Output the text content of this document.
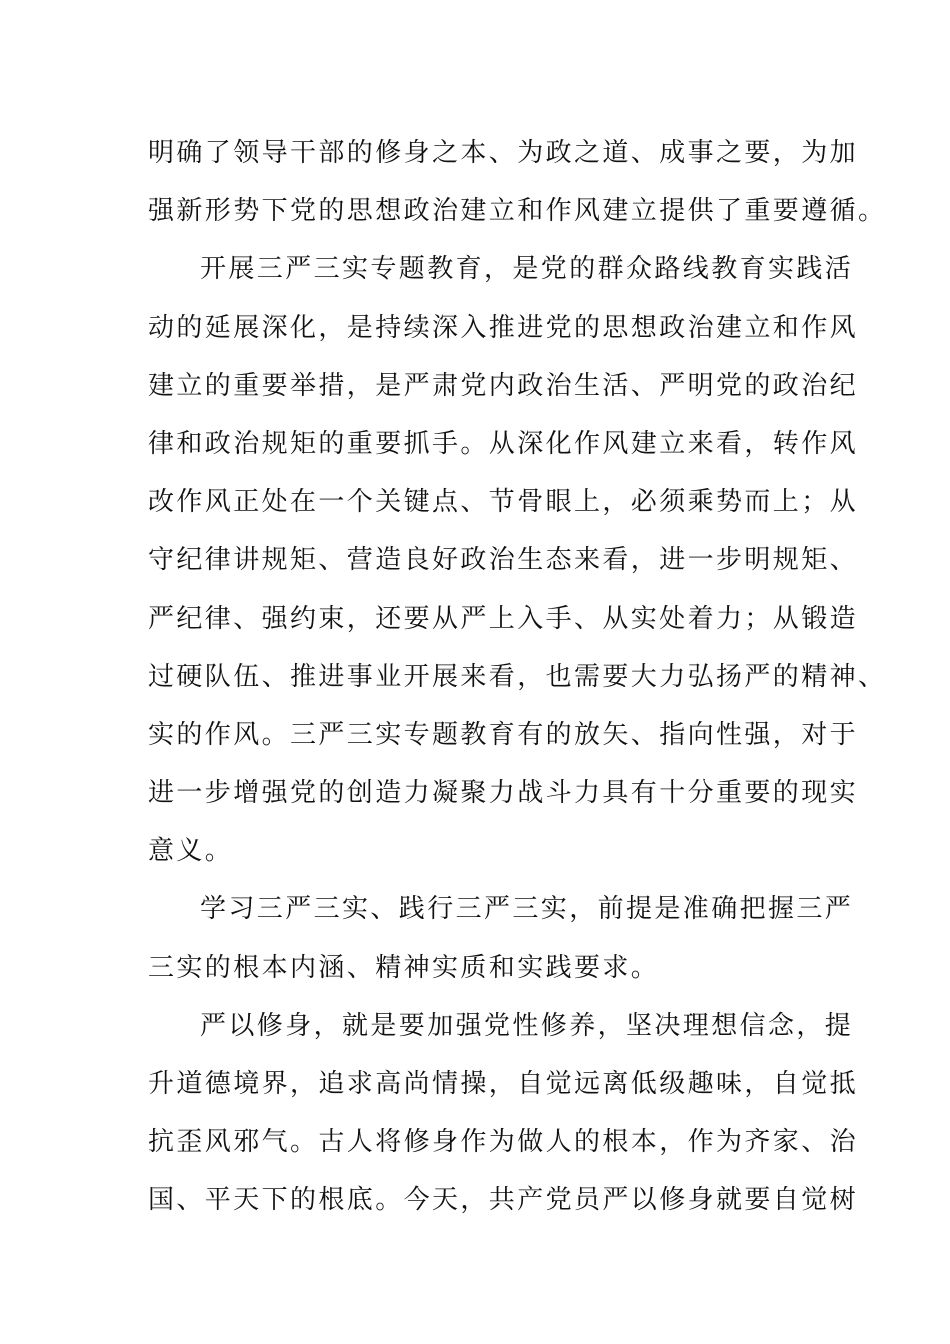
明确了领导干部的修身之本、为政之道、成事之要，为加
强新形势下党的思想政治建立和作风建立提供了重要遵循。
开展三严三实专题教育，是党的群众路线教育实践活
动的延展深化，是持续深入推进党的思想政治建立和作风
建立的重要举措，是严肃党内政治生活、严明党的政治纪
律和政治规矩的重要抓手。从深化作风建立来看，转作风
改作风正处在一个关键点、节骨眼上，必须乘势而上；从
守纪律讲规矩、营造良好政治生态来看，进一步明规矩、
严纪律、强约束，还要从严上入手、从实处着力；从锻造
过硬队伍、推进事业开展来看，也需要大力弘扬严的精神、
实的作风。三严三实专题教育有的放矢、指向性强，对于
进一步增强党的创造力凝聚力战斗力具有十分重要的现实
意义。
学习三严三实、践行三严三实，前提是准确把握三严
三实的根本内涵、精神实质和实践要求。
严以修身，就是要加强党性修养，坚决理想信念，提
升道德境界，追求高尚情操，自觉远离低级趣味，自觉抵
抗歪风邪气。古人将修身作为做人的根本，作为齐家、治
国、平天下的根底。今天，共产党员严以修身就要自觉树
